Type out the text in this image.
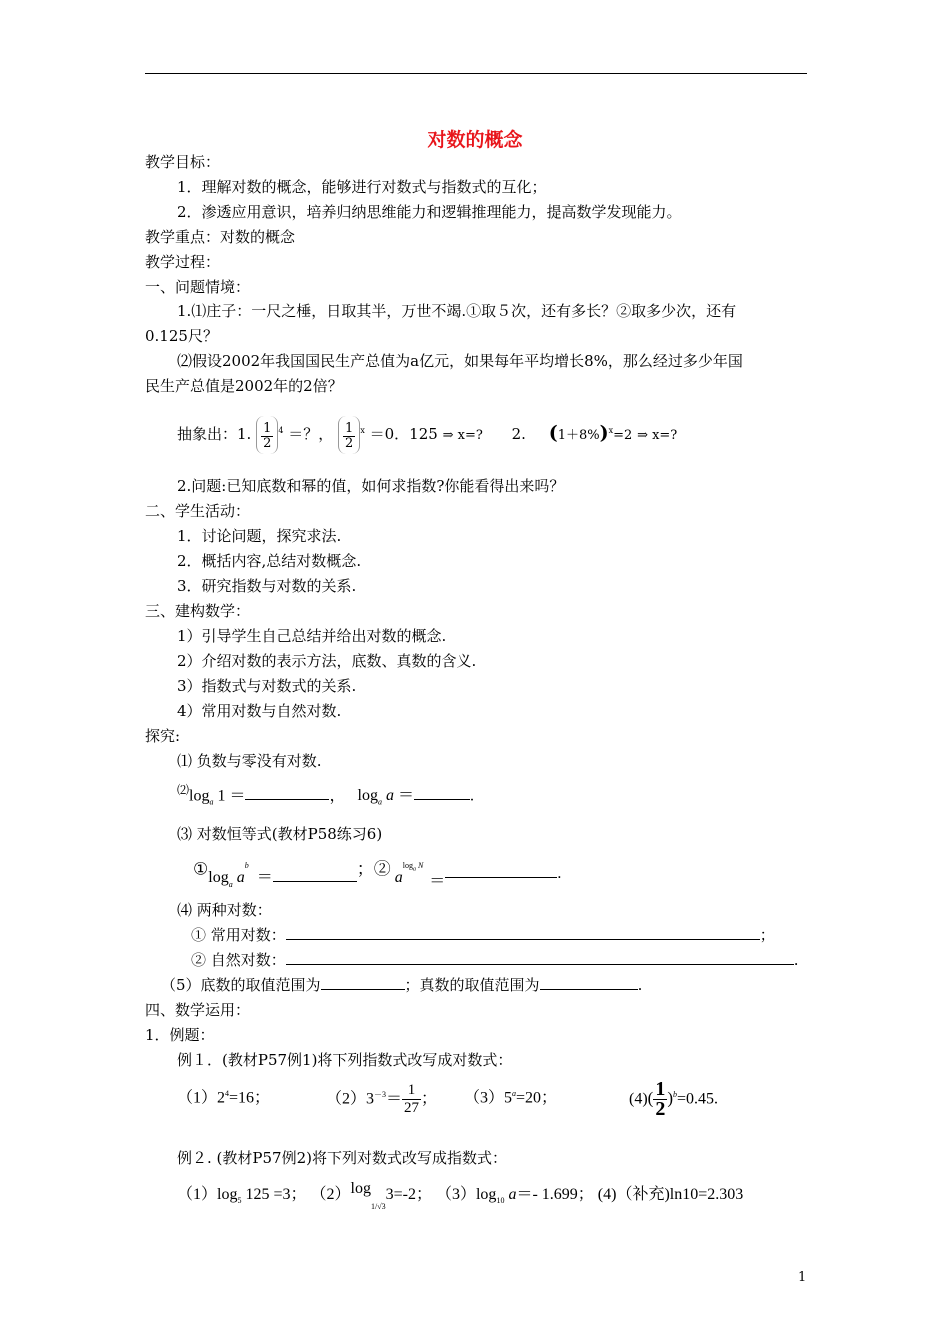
对数的概念
教学目标：
1．理解对数的概念，能够进行对数式与指数式的互化；
2．渗透应用意识，培养归纳思维能力和逻辑推理能力，提高数学发现能力。
教学重点：对数的概念
教学过程：
一、问题情境：
1.⑴庄子：一尺之棰，日取其半，万世不竭.①取５次，还有多长？②取多少次，还有
0.125尺？
⑵假设2002年我国国民生产总值为a亿元，如果每年平均增长8%，那么经过多少年国
民生产总值是2002年的2倍？
抽象出：1. $\frac{1}{2} ^4$ ＝？， $\frac{1}{2} ^x =0$．125 ⇒ x=? 2. $(1+8\%)^x=2$ ⇒ x=?
2.问题:已知底数和幂的值，如何求指数?你能看得出来吗？
二、学生活动：
1．讨论问题，探究求法.
2．概括内容,总结对数概念.
3．研究指数与对数的关系.
三、建构数学：
1）引导学生自己总结并给出对数的概念.
2）介绍对数的表示方法，底数、真数的含义.
3）指数式与对数式的关系.
4）常用对数与自然对数.
探究:
⑴ 负数与零没有对数.
$^⑵\log_a$ 1 ＝	， $\log_a a$ ＝	.
⑶ 对数恒等式(教材P58练习6)
$①\log_a$ $a^b=$	；② $a^{log_a N}=$	.
⑷ 两种对数：
① 常用对数：	；
② 自然对数：	.
（5）底数的取值范围为	；真数的取值范围为	.
四、数学运用：
1．例题：
例１．(教材P57例1)将下列指数式改写成对数式：
$(1)2^4=16$；	$(2)3^{-3}= \frac{1}{27}$ ； $(3)5^a=20$；	$(4)( \frac{1}{2} )^b=0.45$.
例２. (教材P57例2)将下列对数式改写成指数式：
$(1)\log_5$ 125 =3； $(2)\log_{1/√3}3=-2$； $(3)\log_{10}$ a＝- 1.699； (4)（补充)ln10=2.303
1
